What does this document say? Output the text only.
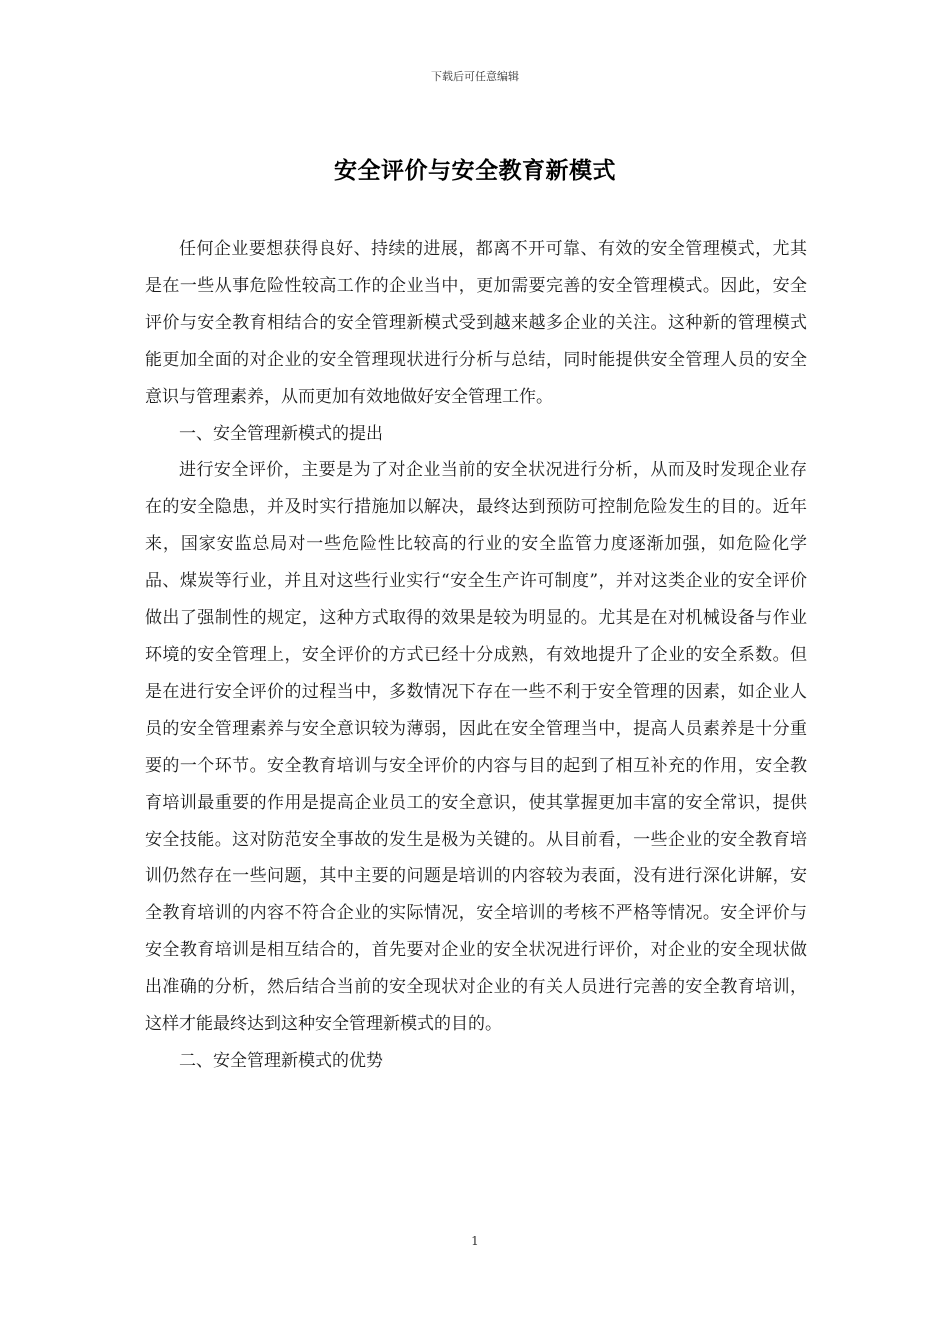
下载后可任意编辑
安全评价与安全教育新模式

任何企业要想获得良好、持续的进展，都离不开可靠、有效的安全管理模式，尤其是在一些从事危险性较高工作的企业当中，更加需要完善的安全管理模式。因此，安全评价与安全教育相结合的安全管理新模式受到越来越多企业的关注。这种新的管理模式能更加全面的对企业的安全管理现状进行分析与总结，同时能提供安全管理人员的安全意识与管理素养，从而更加有效地做好安全管理工作。

一、安全管理新模式的提出

进行安全评价，主要是为了对企业当前的安全状况进行分析，从而及时发现企业存在的安全隐患，并及时实行措施加以解决，最终达到预防可控制危险发生的目的。近年来，国家安监总局对一些危险性比较高的行业的安全监管力度逐渐加强，如危险化学品、煤炭等行业，并且对这些行业实行“安全生产许可制度”，并对这类企业的安全评价做出了强制性的规定，这种方式取得的效果是较为明显的。尤其是在对机械设备与作业环境的安全管理上，安全评价的方式已经十分成熟，有效地提升了企业的安全系数。但是在进行安全评价的过程当中，多数情况下存在一些不利于安全管理的因素，如企业人员的安全管理素养与安全意识较为薄弱，因此在安全管理当中，提高人员素养是十分重要的一个环节。安全教育培训与安全评价的内容与目的起到了相互补充的作用，安全教育培训最重要的作用是提高企业员工的安全意识，使其掌握更加丰富的安全常识，提供安全技能。这对防范安全事故的发生是极为关键的。从目前看，一些企业的安全教育培训仍然存在一些问题，其中主要的问题是培训的内容较为表面，没有进行深化讲解，安全教育培训的内容不符合企业的实际情况，安全培训的考核不严格等情况。安全评价与安全教育培训是相互结合的，首先要对企业的安全状况进行评价，对企业的安全现状做出准确的分析，然后结合当前的安全现状对企业的有关人员进行完善的安全教育培训，这样才能最终达到这种安全管理新模式的目的。

二、安全管理新模式的优势

1
